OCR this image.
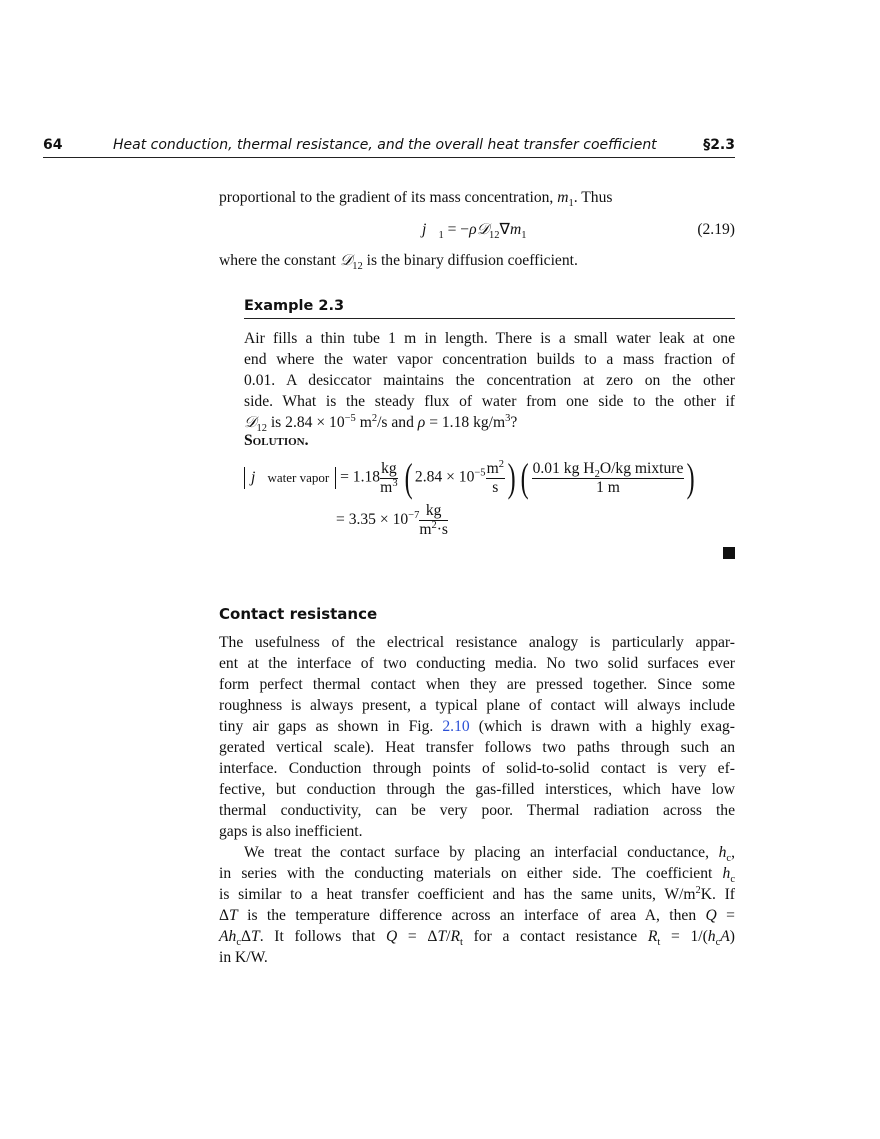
64	Heat conduction, thermal resistance, and the overall heat transfer coefficient	§2.3
proportional to the gradient of its mass concentration, $m_1$. Thus
$j⃗_1$ = $-\rho 𝒟_{12}\nabla m_1$	(2.19)
where the constant 𝒟$_{12}$ is the binary diffusion coefficient.
Example 2.3
Air fills a thin tube 1 m in length. There is a small water leak at one
end where the water vapor concentration builds to a mass fraction of
0.01. A desiccator maintains the concentration at zero on the other
side. What is the steady flux of water from one side to the other if
𝒟$_{12}$ is $2.84 \times 10^{-5}$ $m^2/s$ and ρ = 1.18 $kg/m^3$?
Solution.
j⃗water vapor = $1.18 \frac{kg}{m^3}$ ( $2.84 \times 10^{-5} \frac{m^2}{s}$ ) ( $\frac{0.01 kg H_2O/kg mixture}{1 m}$ )
= $3.35 \times 10^{-7} \frac{kg}{m^2\cdot s}$
Contact resistance
The usefulness of the electrical resistance analogy is particularly appar-
ent at the interface of two conducting media. No two solid surfaces ever
form perfect thermal contact when they are pressed together. Since some
roughness is always present, a typical plane of contact will always include
tiny air gaps as shown in Fig. 2.10 (which is drawn with a highly exag-
gerated vertical scale). Heat transfer follows two paths through such an
interface. Conduction through points of solid-to-solid contact is very ef-
fective, but conduction through the gas-filled interstices, which have low
thermal conductivity, can be very poor. Thermal radiation across the
gaps is also inefficient.
We treat the contact surface by placing an interfacial conductance, $h_c$,
in series with the conducting materials on either side. The coefficient $h_c$
is similar to a heat transfer coefficient and has the same units, $W/m^2K$. If
ΔT is the temperature difference across an interface of area A, then Q =
$Ah_c\Delta T$. It follows that $Q = \Delta T/R_t$ for a contact resistance $R_t = 1/(h_cA)$
in K/W.
